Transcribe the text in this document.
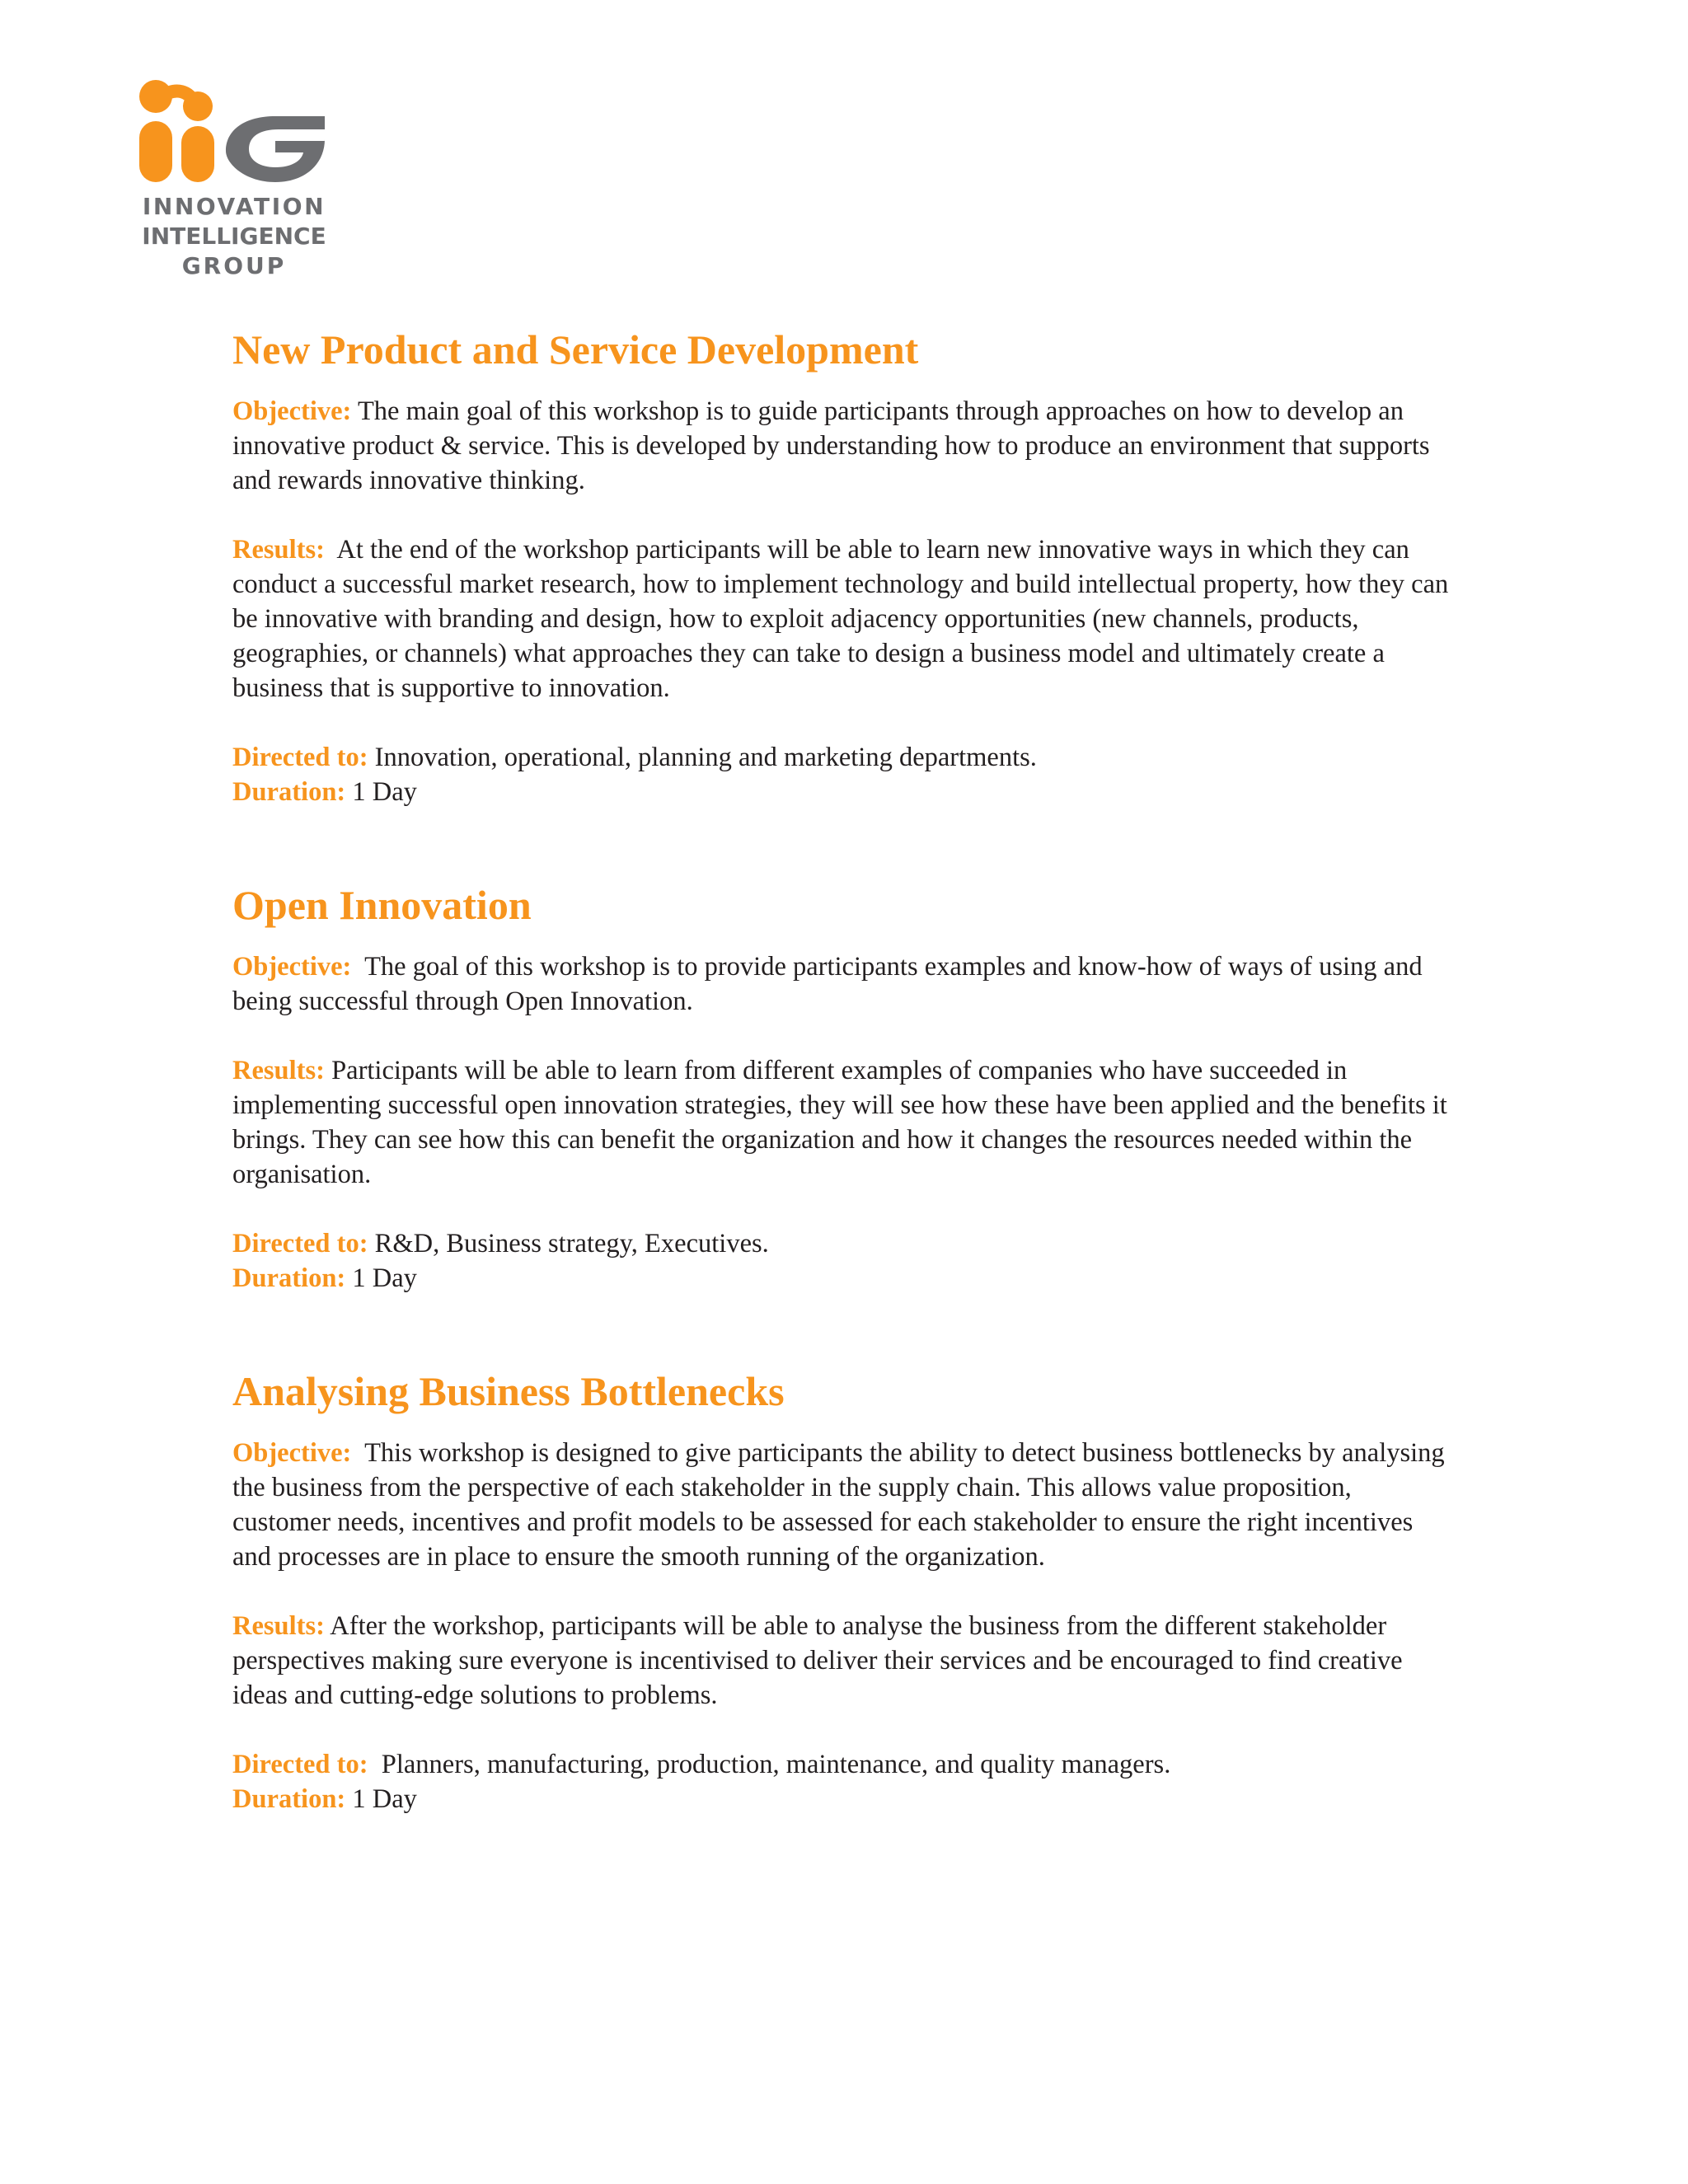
INNOVATION
INTELLIGENCE
GROUP
New Product and Service Development

Objective: The main goal of this workshop is to guide participants through approaches on how to develop an innovative product & service. This is developed by understanding how to produce an environment that supports and rewards innovative thinking.

Results: At the end of the workshop participants will be able to learn new innovative ways in which they can conduct a successful market research, how to implement technology and build intellectual property, how they can be innovative with branding and design, how to exploit adjacency opportunities (new channels, products, geographies, or channels) what approaches they can take to design a business model and ultimately create a business that is supportive to innovation.

Directed to: Innovation, operational, planning and marketing departments.

Duration: 1 Day

Open Innovation

Objective: The goal of this workshop is to provide participants examples and know-how of ways of using and being successful through Open Innovation.

Results: Participants will be able to learn from different examples of companies who have succeeded in implementing successful open innovation strategies, they will see how these have been applied and the benefits it brings. They can see how this can benefit the organization and how it changes the resources needed within the organisation.

Directed to: R&D, Business strategy, Executives.

Duration: 1 Day

Analysing Business Bottlenecks

Objective: This workshop is designed to give participants the ability to detect business bottlenecks by analysing the business from the perspective of each stakeholder in the supply chain. This allows value proposition, customer needs, incentives and profit models to be assessed for each stakeholder to ensure the right incentives and processes are in place to ensure the smooth running of the organization.

Results: After the workshop, participants will be able to analyse the business from the different stakeholder perspectives making sure everyone is incentivised to deliver their services and be encouraged to find creative ideas and cutting-edge solutions to problems.

Directed to: Planners, manufacturing, production, maintenance, and quality managers.

Duration: 1 Day
